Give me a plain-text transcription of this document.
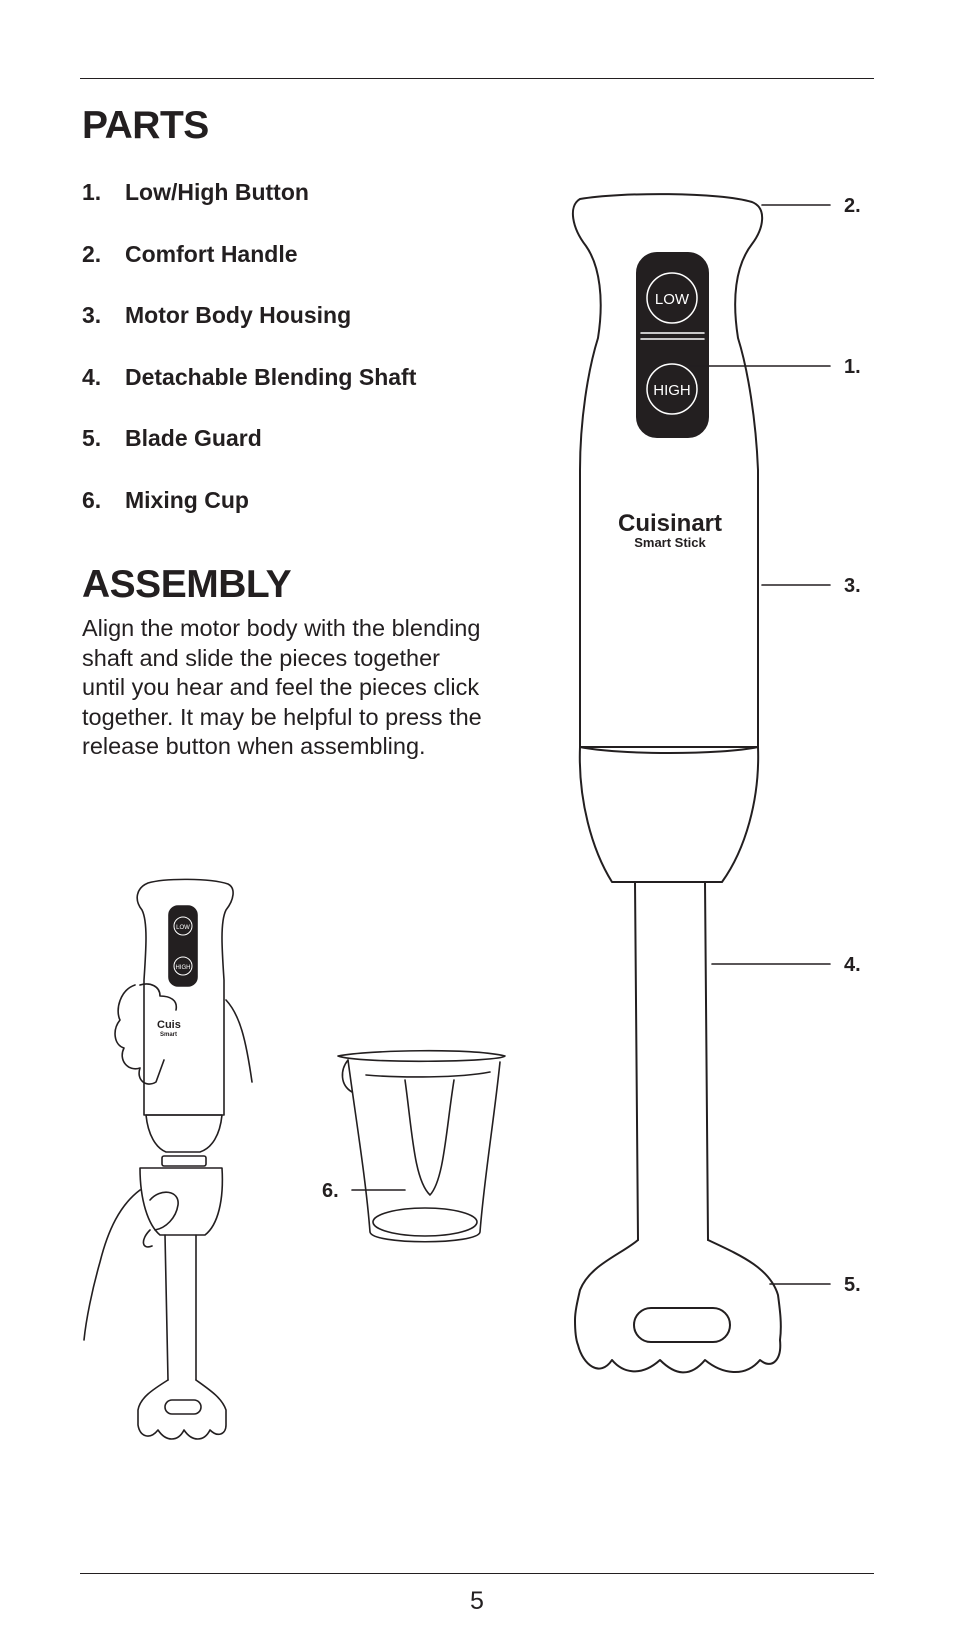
PARTS
1.	Low/High Button
2.	Comfort Handle
3.	Motor Body Housing
4.	Detachable Blending Shaft
5.	Blade Guard
6.	Mixing Cup
ASSEMBLY

Align the motor body with the blending
shaft and slide the pieces together
until you hear and feel the pieces click
together. It may be helpful to press the
release button when assembling.

LOW
HIGH
Cuisinart
Smart Stick
2.
1.
3.
4.
5.
LOW
HIGH
Cuis
Smart
6.
5
